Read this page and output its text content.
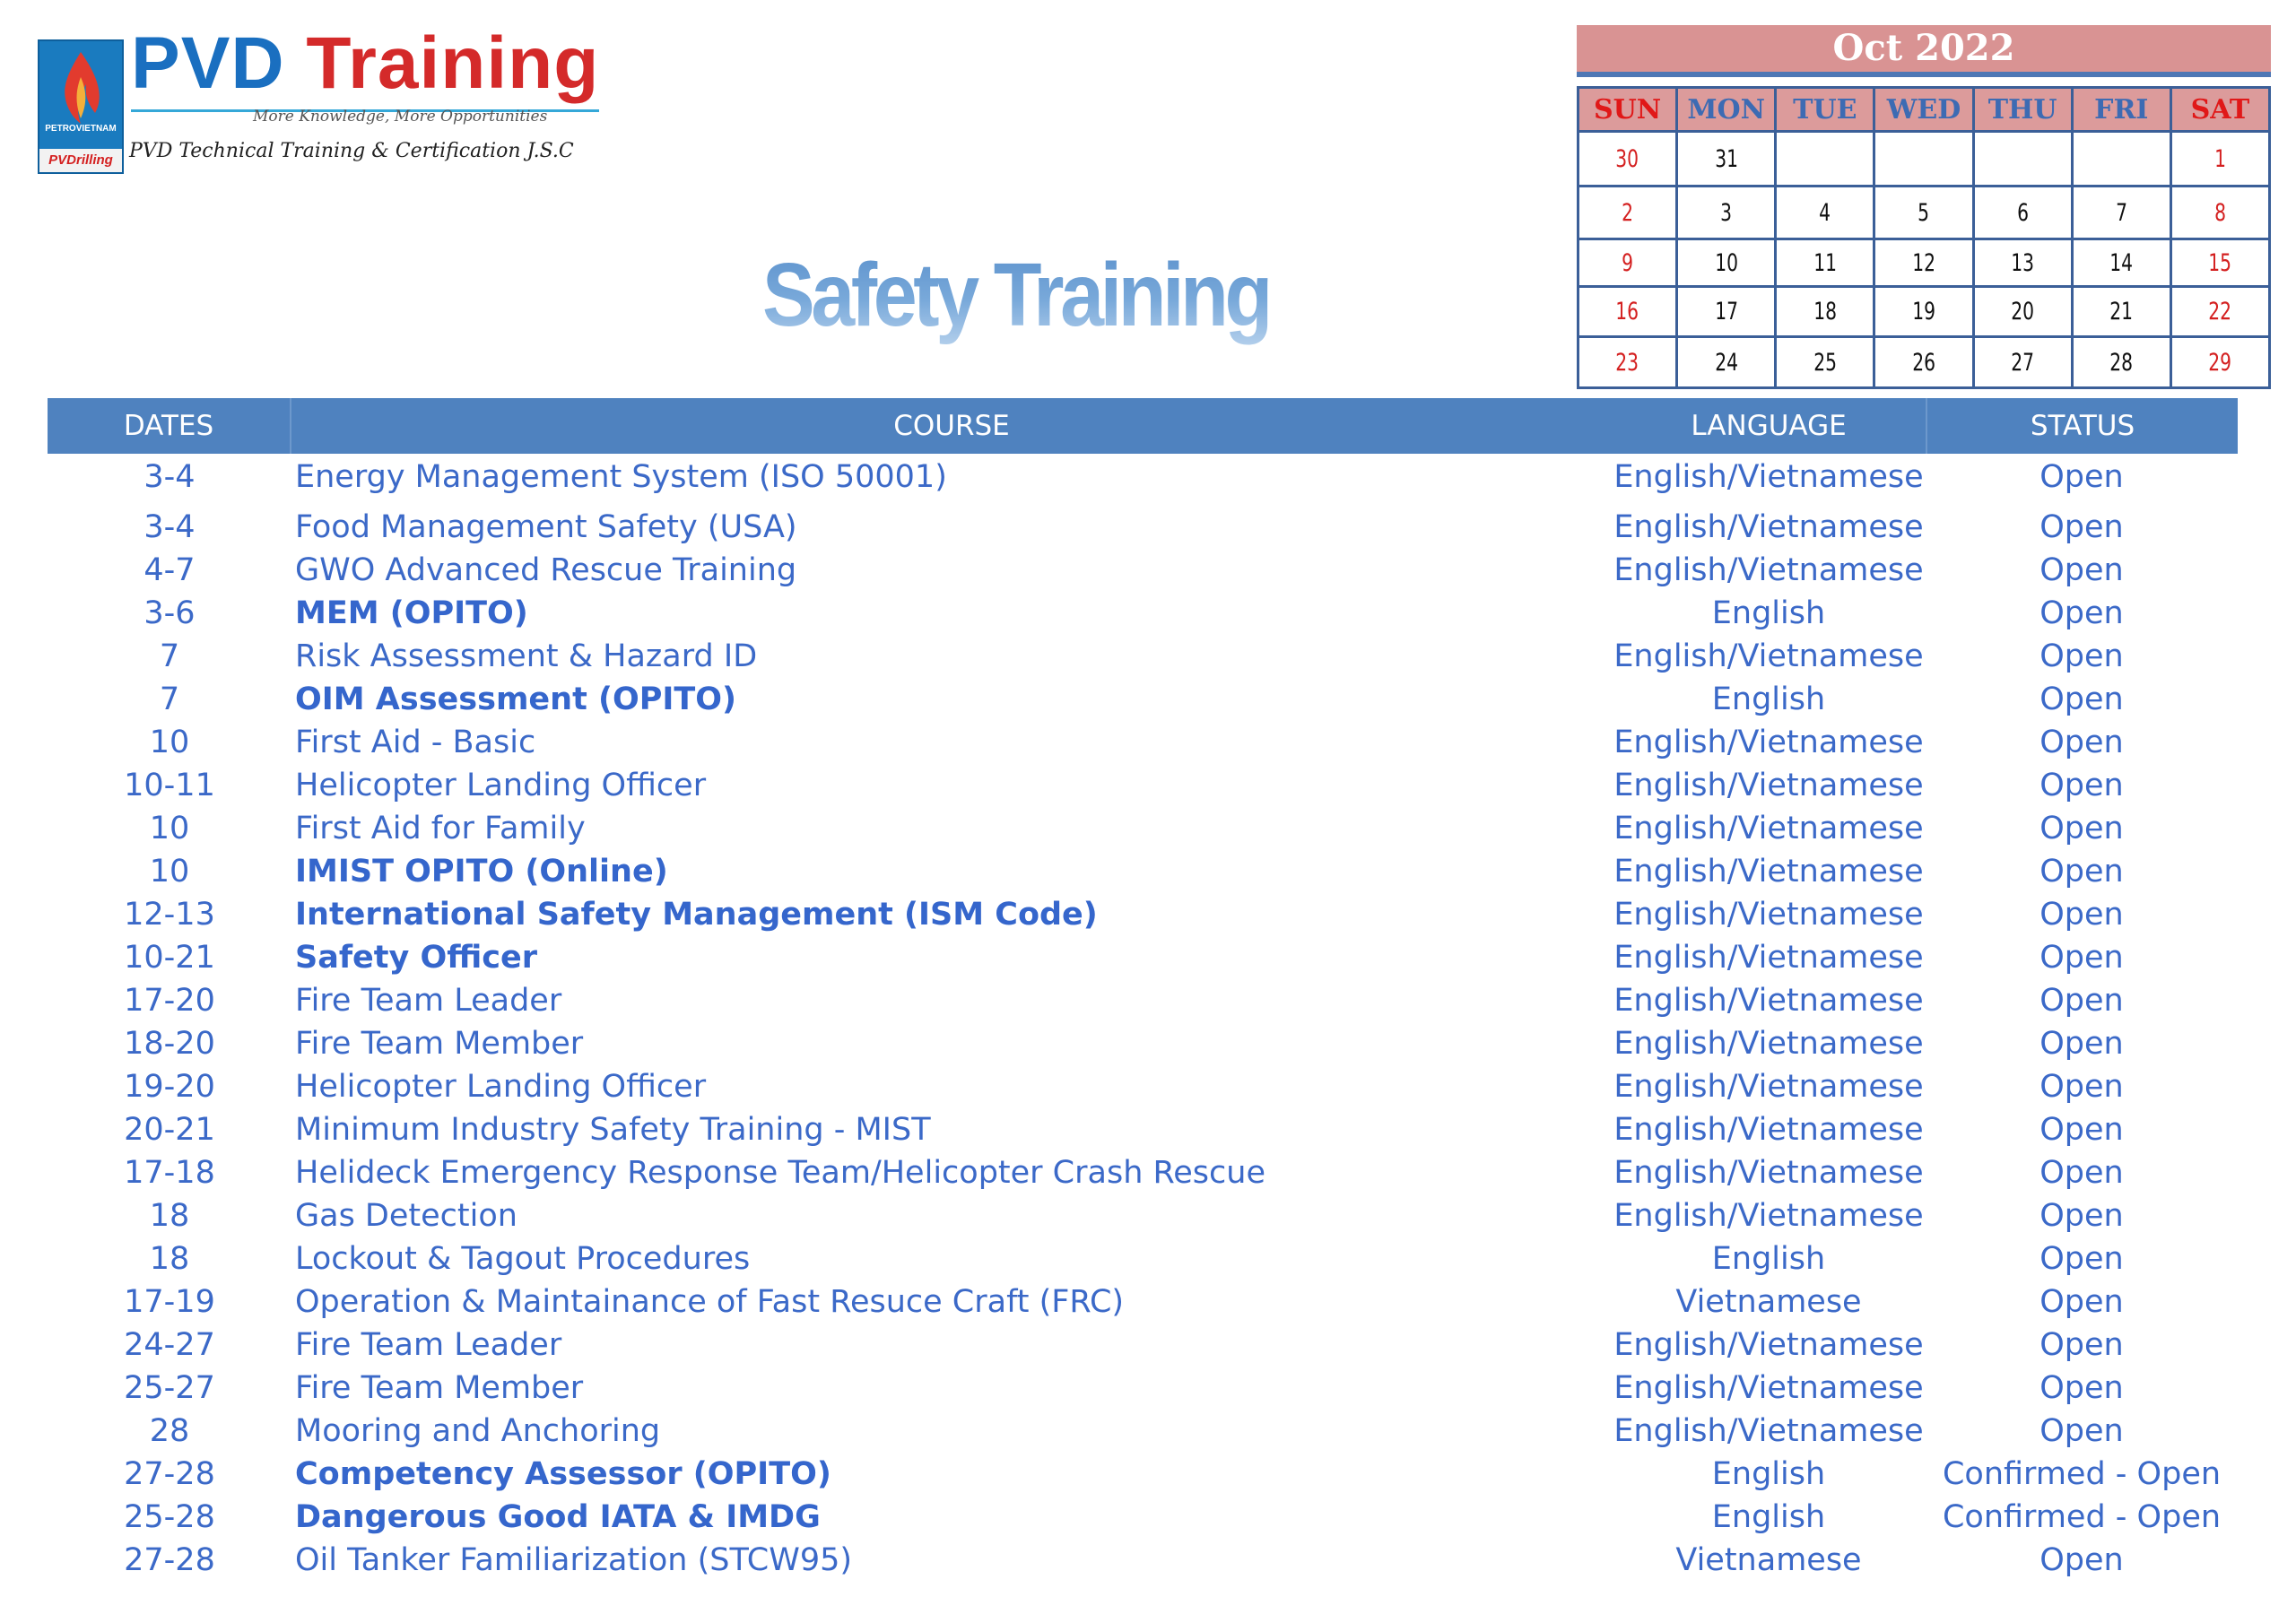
PETROVIETNAM
PVDrilling
PVD Training
More Knowledge, More Opportunities
PVD Technical Training & Certification J.S.C
Safety Training
Oct 2022
SUN	MON	TUE	WED	THU	FRI	SAT
30	31					1
2	3	4	5	6	7	8
9	10	11	12	13	14	15
16	17	18	19	20	21	22
23	24	25	26	27	28	29
DATES	COURSE	LANGUAGE	STATUS
3-4	Energy Management System (ISO 50001)	English/Vietnamese	Open
3-4	Food Management Safety (USA)	English/Vietnamese	Open
4-7	GWO Advanced Rescue Training	English/Vietnamese	Open
3-6	MEM (OPITO)	English	Open
7	Risk Assessment & Hazard ID	English/Vietnamese	Open
7	OIM Assessment (OPITO)	English	Open
10	First Aid - Basic	English/Vietnamese	Open
10-11	Helicopter Landing Officer	English/Vietnamese	Open
10	First Aid for Family	English/Vietnamese	Open
10	IMIST OPITO (Online)	English/Vietnamese	Open
12-13	International Safety Management (ISM Code)	English/Vietnamese	Open
10-21	Safety Officer	English/Vietnamese	Open
17-20	Fire Team Leader	English/Vietnamese	Open
18-20	Fire Team Member	English/Vietnamese	Open
19-20	Helicopter Landing Officer	English/Vietnamese	Open
20-21	Minimum Industry Safety Training - MIST	English/Vietnamese	Open
17-18	Helideck Emergency Response Team/Helicopter Crash Rescue	English/Vietnamese	Open
18	Gas Detection	English/Vietnamese	Open
18	Lockout & Tagout Procedures	English	Open
17-19	Operation & Maintainance of Fast Resuce Craft (FRC)	Vietnamese	Open
24-27	Fire Team Leader	English/Vietnamese	Open
25-27	Fire Team Member	English/Vietnamese	Open
28	Mooring and Anchoring	English/Vietnamese	Open
27-28	Competency Assessor (OPITO)	English	Confirmed - Open
25-28	Dangerous Good IATA & IMDG	English	Confirmed - Open
27-28	Oil Tanker Familiarization (STCW95)	Vietnamese	Open
